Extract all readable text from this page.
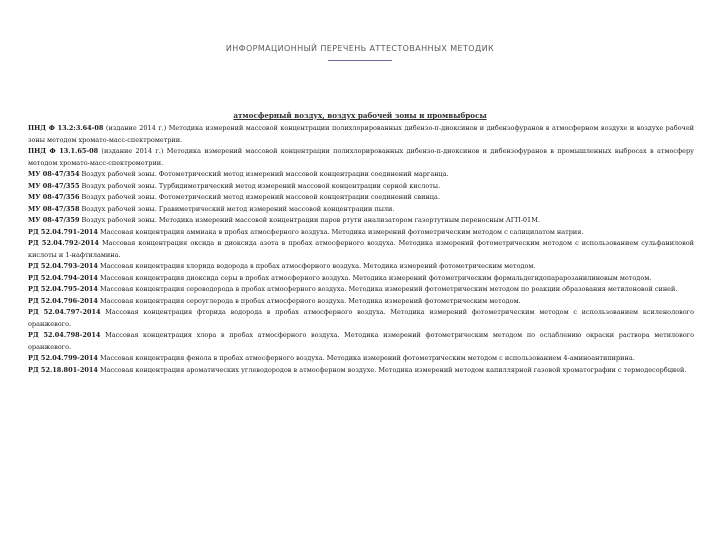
ИНФОРМАЦИОННЫЙ ПЕРЕЧЕНЬ АТТЕСТОВАННЫХ МЕТОДИК
атмосферный воздух, воздух рабочей зоны и промвыбросы

ПНД Ф 13.2:3.64-08 (издание 2014 г.) Методика измерений массовой концентрации полихлорированных дибензо-п-диоксинов и дибензофуранов в атмосферном воздухе и воздухе рабочей зоны методом хромато-масс-спектрометрии.

ПНД Ф 13.1.65-08 (издание 2014 г.) Методика измерений массовой концентрации полихлорированных дибензо-п-диоксинов и дибензофуранов в промышленных выбросах в атмосферу методом хромато-масс-спектрометрии.

МУ 08-47/354 Воздух рабочей зоны. Фотометрический метод измерений массовой концентрации соединений марганца.

МУ 08-47/355 Воздух рабочей зоны. Турбидиметрический метод измерений массовой концентрации серной кислоты.

МУ 08-47/356 Воздух рабочей зоны. Фотометрический метод измерений массовой концентрации соединений свинца.

МУ 08-47/358 Воздух рабочей зоны. Гравиметрический метод измерений массовой концентрации пыли.

МУ 08-47/359 Воздух рабочей зоны. Методика измерений массовой концентрации паров ртути анализатором газортутным переносным АГП-01М.

РД 52.04.791-2014 Массовая концентрация аммиака в пробах атмосферного воздуха. Методика измерений фотометрическим методом с салицилатом натрия.

РД 52.04.792-2014 Массовая концентрация оксида и диоксида азота в пробах атмосферного воздуха. Методика измерений фотометрическим методом с использованием сульфаниловой кислоты и 1-нафтиламина.

РД 52.04.793-2014 Массовая концентрация хлорида водорода в пробах атмосферного воздуха. Методика измерений фотометрическим методом.

РД 52.04.794-2014 Массовая концентрация диоксида серы в пробах атмосферного воздуха. Методика измерений фотометрическим формальдегидопарарозанилиновым методом.

РД 52.04.795-2014 Массовая концентрация сероводорода в пробах атмосферного воздуха. Методика измерений фотометрическим методом по реакции образования метиленовой синей.

РД 52.04.796-2014 Массовая концентрация сероуглерода в пробах атмосферного воздуха. Методика измерений фотометрическим методом.

РД 52.04.797-2014 Массовая концентрация фторида водорода в пробах атмосферного воздуха. Методика измерений фотометрическим методом с использованием ксиленолового оранжевого.

РД 52.04.798-2014 Массовая концентрация хлора в пробах атмосферного воздуха. Методика измерений фотометрическим методом по ослаблению окраски раствора метилового оранжевого.

РД 52.04.799-2014 Массовая концентрация фенола в пробах атмосферного воздуха. Методика измерений фотометрическим методом с использованием 4-аминоантипирина.

РД 52.18.801-2014 Массовая концентрация ароматических углеводородов в атмосферном воздухе. Методика измерений методом капиллярной газовой хроматографии с термодесорбцией.
